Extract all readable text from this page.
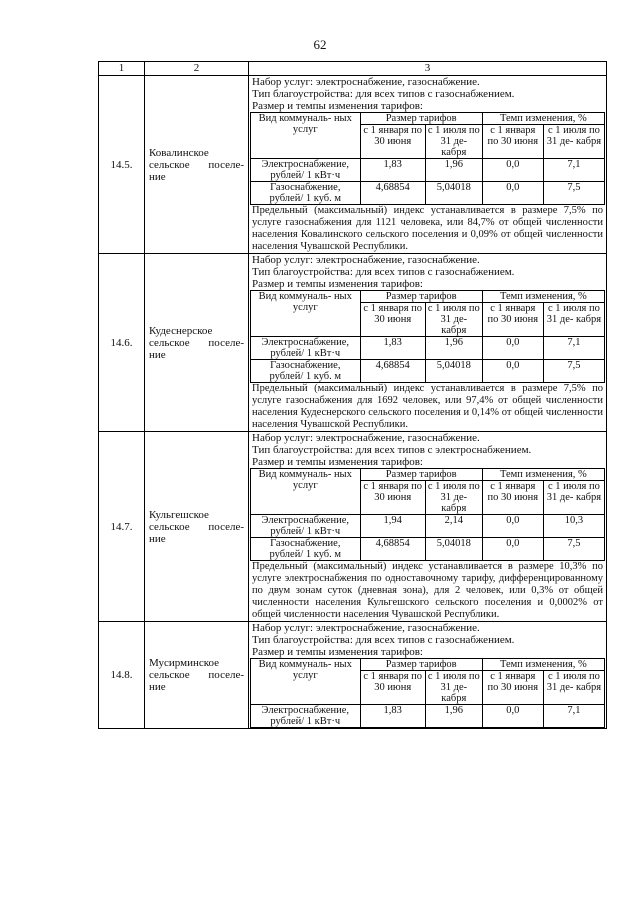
62
1	2	3
14.5.	Ковалинское сельское поселе- ние	
Набор услуг: электроснабжение, газоснабжение.
Тип благоустройства: для всех типов с газоснабжением.
Размер и темпы изменения тарифов:
Вид коммуналь- ных услуг	Размер тарифов	Темп изменения, %
с 1 января по 30 июня	с 1 июля по 31 де- кабря	с 1 января по 30 июня	с 1 июля по 31 де- кабря
Электроснабжение, рублей/ 1 кВт·ч	1,83	1,96	0,0	7,1
Газоснабжение, рублей/ 1 куб. м	4,68854	5,04018	0,0	7,5
Предельный (максимальный) индекс устанавливается в размере 7,5% по услуге газоснабжения для 1121 человека, или 84,7% от общей численности населения Ковалинского сельского поселения и 0,09% от общей численности населения Чувашской Республики.

14.6.	Кудеснерское сельское поселе- ние	
Набор услуг: электроснабжение, газоснабжение.
Тип благоустройства: для всех типов с газоснабжением.
Размер и темпы изменения тарифов:
Вид коммуналь- ных услуг	Размер тарифов	Темп изменения, %
с 1 января по 30 июня	с 1 июля по 31 де- кабря	с 1 января по 30 июня	с 1 июля по 31 де- кабря
Электроснабжение, рублей/ 1 кВт·ч	1,83	1,96	0,0	7,1
Газоснабжение, рублей/ 1 куб. м	4,68854	5,04018	0,0	7,5
Предельный (максимальный) индекс устанавливается в размере 7,5% по услуге газоснабжения для 1692 человек, или 97,4% от общей численности населения Кудеснерского сельского поселения и 0,14% от общей численности населения Чувашской Республики.

14.7.	Кульгешское сельское поселе- ние	
Набор услуг: электроснабжение, газоснабжение.
Тип благоустройства: для всех типов с электроснабжением.
Размер и темпы изменения тарифов:
Вид коммуналь- ных услуг	Размер тарифов	Темп изменения, %
с 1 января по 30 июня	с 1 июля по 31 де- кабря	с 1 января по 30 июня	с 1 июля по 31 де- кабря
Электроснабжение, рублей/ 1 кВт·ч	1,94	2,14	0,0	10,3
Газоснабжение, рублей/ 1 куб. м	4,68854	5,04018	0,0	7,5
Предельный (максимальный) индекс устанавливается в размере 10,3% по услуге электроснабжения по одноставочному тарифу, дифференцированному по двум зонам суток (дневная зона), для 2 человек, или 0,3% от общей численности населения Кульгешского сельского поселения и 0,0002% от общей численности населения Чувашской Республики.

14.8.	Мусирминское сельское поселе- ние	
Набор услуг: электроснабжение, газоснабжение.
Тип благоустройства: для всех типов с газоснабжением.
Размер и темпы изменения тарифов:
Вид коммуналь- ных услуг	Размер тарифов	Темп изменения, %
с 1 января по 30 июня	с 1 июля по 31 де- кабря	с 1 января по 30 июня	с 1 июля по 31 де- кабря
Электроснабжение, рублей/ 1 кВт·ч	1,83	1,96	0,0	7,1
